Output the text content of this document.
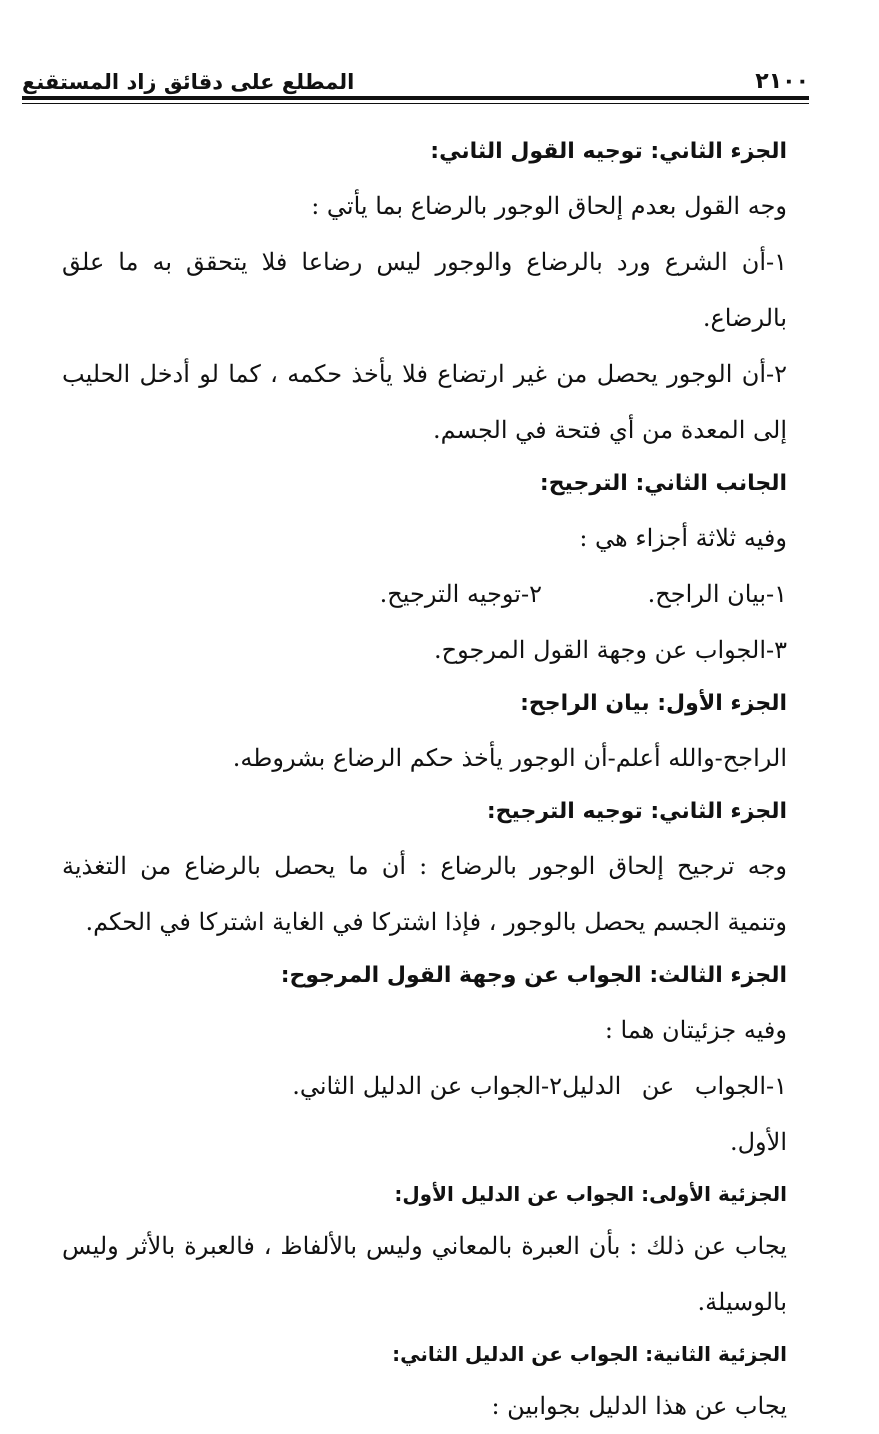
٢١٠٠
المطلع على دقائق زاد المستقنع

الجزء الثاني: توجيه القول الثاني:

وجه القول بعدم إلحاق الوجور بالرضاع بما يأتي :

١-أن الشرع ورد بالرضاع والوجور ليس رضاعا فلا يتحقق به ما علق بالرضاع.

٢-أن الوجور يحصل من غير ارتضاع فلا يأخذ حكمه ، كما لو أدخل الحليب إلى المعدة من أي فتحة في الجسم.

الجانب الثاني: الترجيح:

وفيه ثلاثة أجزاء هي :

١-بيان الراجح.
٢-توجيه الترجيح.

٣-الجواب عن وجهة القول المرجوح.

الجزء الأول: بيان الراجح:

الراجح-والله أعلم-أن الوجور يأخذ حكم الرضاع بشروطه.

الجزء الثاني: توجيه الترجيح:

وجه ترجيح إلحاق الوجور بالرضاع : أن ما يحصل بالرضاع من التغذية وتنمية الجسم يحصل بالوجور ، فإذا اشتركا في الغاية اشتركا في الحكم.

الجزء الثالث: الجواب عن وجهة القول المرجوح:

وفيه جزئيتان هما :

١-الجواب عن الدليل الأول.
٢-الجواب عن الدليل الثاني.

الجزئية الأولى: الجواب عن الدليل الأول:

يجاب عن ذلك : بأن العبرة بالمعاني وليس بالألفاظ ، فالعبرة بالأثر وليس بالوسيلة.

الجزئية الثانية: الجواب عن الدليل الثاني:

يجاب عن هذا الدليل بجوابين :
